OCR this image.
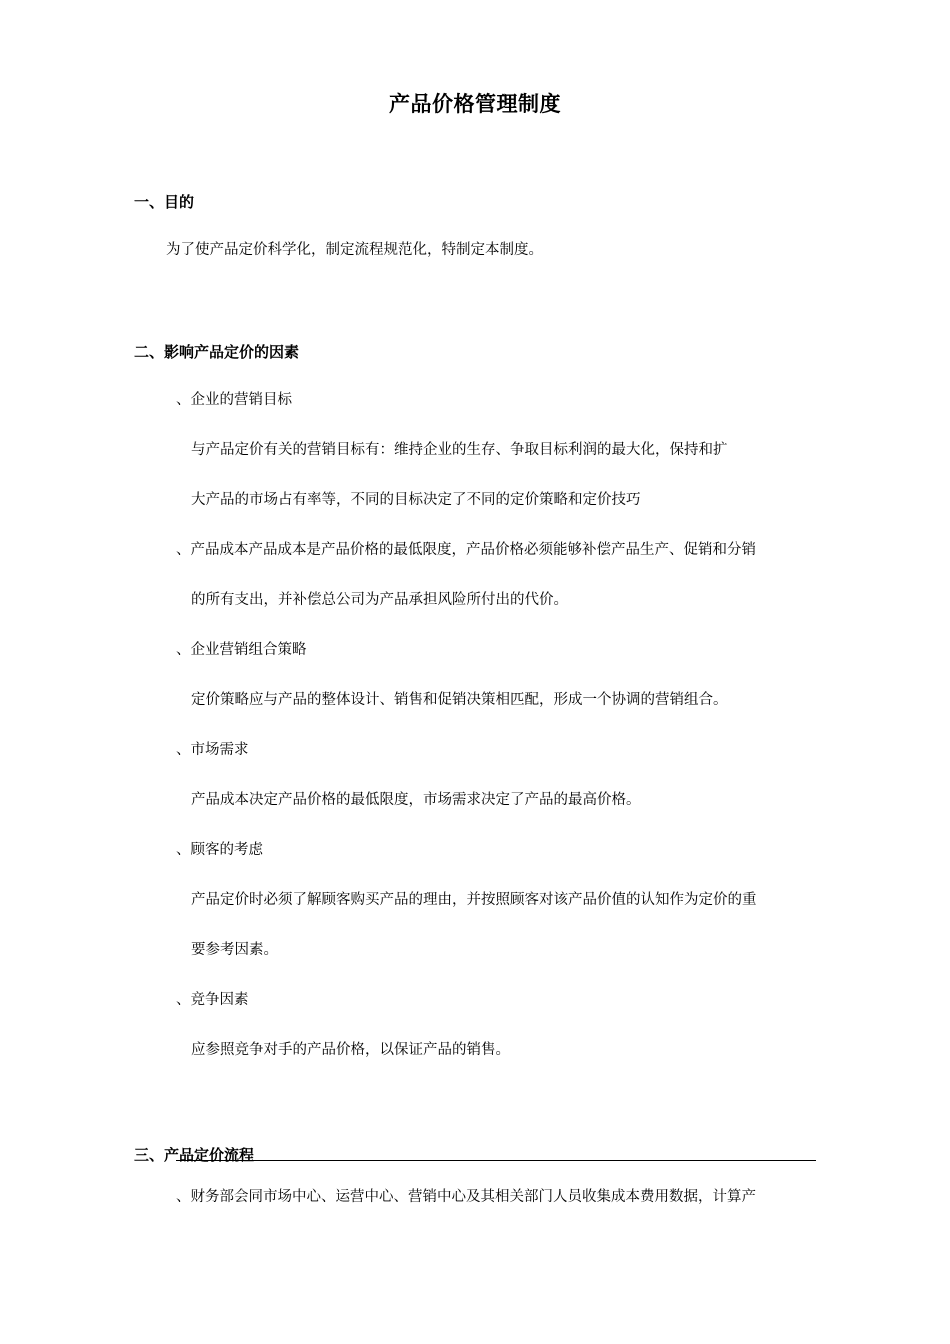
产品价格管理制度
一、目的
为了使产品定价科学化，制定流程规范化，特制定本制度。
二、影响产品定价的因素
、企业的营销目标
与产品定价有关的营销目标有：维持企业的生存、争取目标利润的最大化，保持和扩
大产品的市场占有率等，不同的目标决定了不同的定价策略和定价技巧
、产品成本产品成本是产品价格的最低限度，产品价格必须能够补偿产品生产、促销和分销
的所有支出，并补偿总公司为产品承担风险所付出的代价。
、企业营销组合策略
定价策略应与产品的整体设计、销售和促销决策相匹配，形成一个协调的营销组合。
、市场需求
产品成本决定产品价格的最低限度，市场需求决定了产品的最高价格。
、顾客的考虑
产品定价时必须了解顾客购买产品的理由，并按照顾客对该产品价值的认知作为定价的重
要参考因素。
、竞争因素
应参照竞争对手的产品价格，以保证产品的销售。
三、产品定价流程
、财务部会同市场中心、运营中心、营销中心及其相关部门人员收集成本费用数据，计算产
